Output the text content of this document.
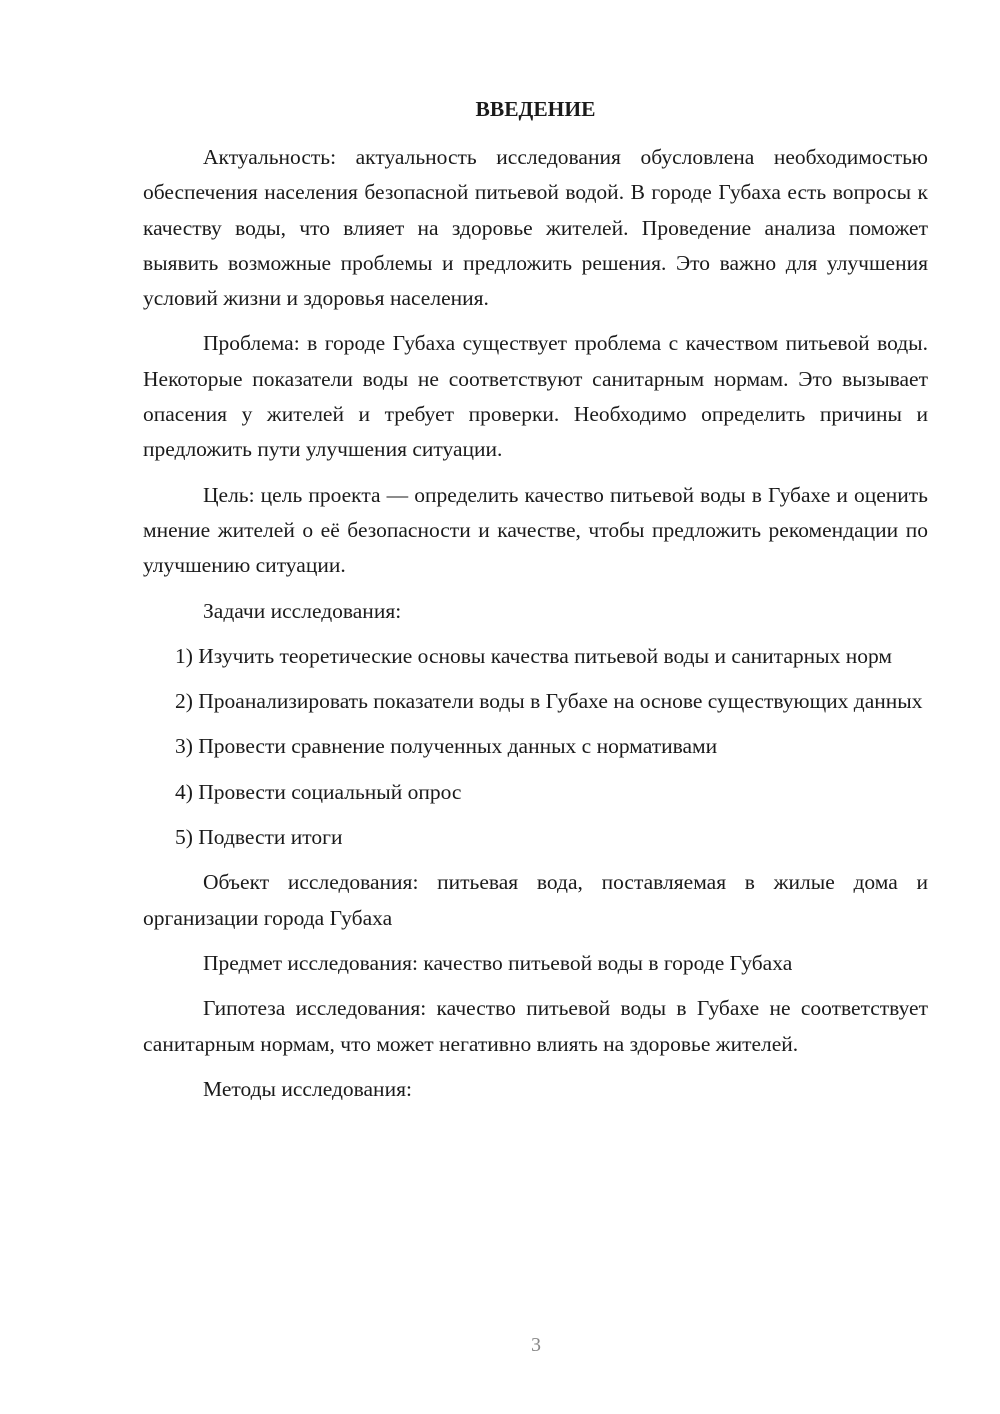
ВВЕДЕНИЕ

Актуальность: актуальность исследования обусловлена необходимостью обеспечения населения безопасной питьевой водой. В городе Губаха есть вопросы к качеству воды, что влияет на здоровье жителей. Проведение анализа поможет выявить возможные проблемы и предложить решения. Это важно для улучшения условий жизни и здоровья населения.

Проблема: в городе Губаха существует проблема с качеством питьевой воды. Некоторые показатели воды не соответствуют санитарным нормам. Это вызывает опасения у жителей и требует проверки. Необходимо определить причины и предложить пути улучшения ситуации.

Цель: цель проекта — определить качество питьевой воды в Губахе и оценить мнение жителей о её безопасности и качестве, чтобы предложить рекомендации по улучшению ситуации.

Задачи исследования:

1) Изучить теоретические основы качества питьевой воды и санитарных норм

2) Проанализировать показатели воды в Губахе на основе существующих данных

3) Провести сравнение полученных данных с нормативами

4) Провести социальный опрос

5) Подвести итоги

Объект исследования: питьевая вода, поставляемая в жилые дома и организации города Губаха

Предмет исследования: качество питьевой воды в городе Губаха

Гипотеза исследования: качество питьевой воды в Губахе не соответствует санитарным нормам, что может негативно влиять на здоровье жителей.

Методы исследования:

3
